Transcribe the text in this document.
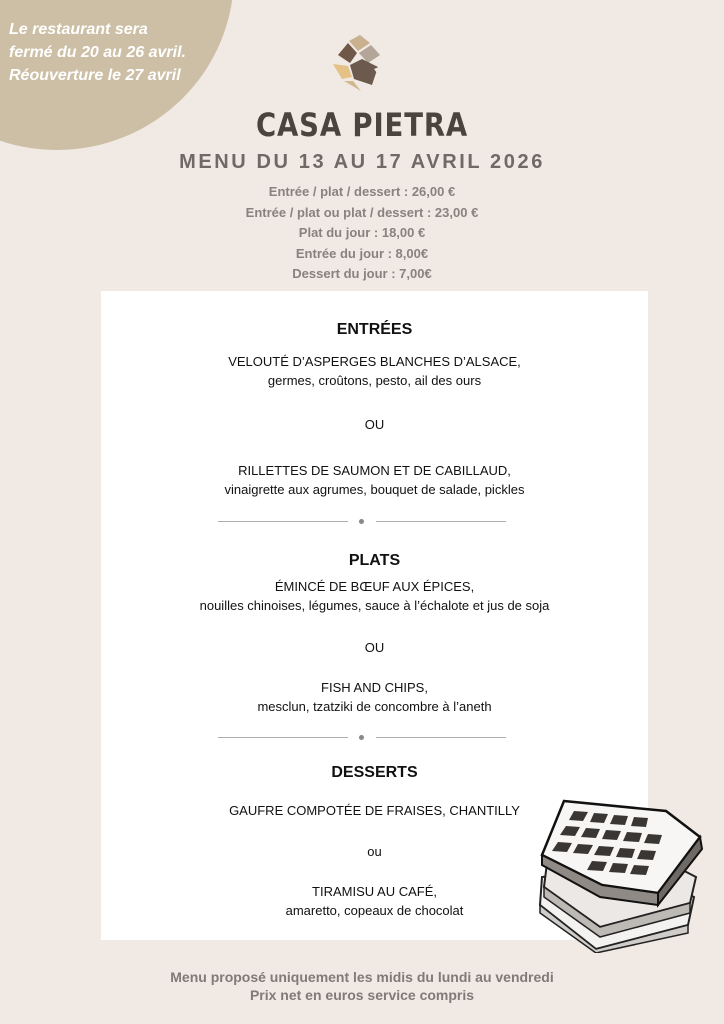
Le restaurant sera
fermé du 20 au 26 avril.
Réouverture le 27 avril
CASA PIETRA
MENU DU 13 AU 17 AVRIL 2026
Entrée / plat / dessert : 26,00 €
Entrée / plat ou plat / dessert : 23,00 €
Plat du jour : 18,00 €
Entrée du jour : 8,00€
Dessert du jour : 7,00€
ENTRÉES
VELOUTÉ D’ASPERGES BLANCHES D’ALSACE,
germes, croûtons, pesto, ail des ours
OU
RILLETTES DE SAUMON ET DE CABILLAUD,
vinaigrette aux agrumes, bouquet de salade, pickles
PLATS
ÉMINCÉ DE BŒUF AUX ÉPICES,
nouilles chinoises, légumes, sauce à l’échalote et jus de soja
OU
FISH AND CHIPS,
mesclun, tzatziki de concombre à l’aneth
DESSERTS
GAUFRE COMPOTÉE DE FRAISES, CHANTILLY
ou
TIRAMISU AU CAFÉ,
amaretto, copeaux de chocolat
Menu proposé uniquement les midis du lundi au vendredi
Prix net en euros service compris
